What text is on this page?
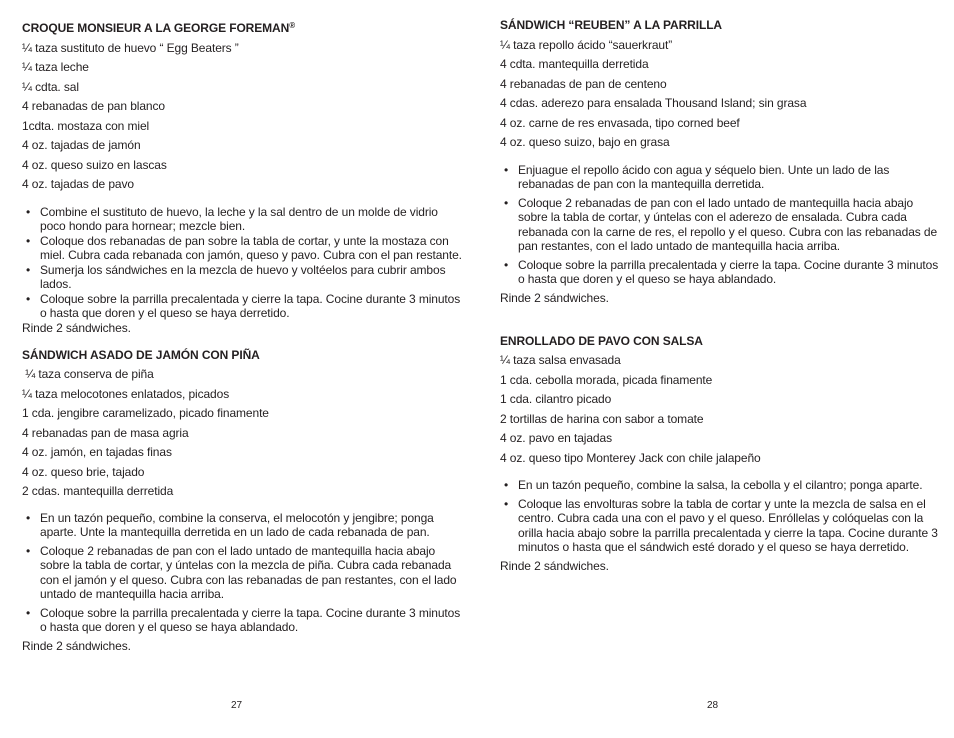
CROQUE MONSIEUR A LA GEORGE FOREMAN®
¼ taza sustituto de huevo “ Egg Beaters ”
¼ taza leche
¼ cdta. sal
4 rebanadas de pan blanco
1cdta. mostaza con miel
4 oz. tajadas de jamón
4 oz. queso suizo en lascas
4 oz. tajadas de pavo
• Combine el sustituto de huevo, la leche y la sal dentro de un molde de vidrio poco hondo para hornear; mezcle bien.
• Coloque dos rebanadas de pan sobre la tabla de cortar, y unte la mostaza con miel. Cubra cada rebanada con jamón, queso y pavo. Cubra con el pan restante.
• Sumerja los sándwiches en la mezcla de huevo y voltéelos para cubrir ambos lados.
• Coloque sobre la parrilla precalentada y cierre la tapa. Cocine durante 3 minutos o hasta que doren y el queso se haya derretido.
Rinde 2 sándwiches.
SÁNDWICH ASADO DE JAMÓN CON PIÑA
¼ taza conserva de piña
¼ taza melocotones enlatados, picados
1 cda. jengibre caramelizado, picado finamente
4 rebanadas pan de masa agria
4 oz. jamón, en tajadas finas
4 oz. queso brie, tajado
2 cdas. mantequilla derretida
• En un tazón pequeño, combine la conserva, el melocotón y jengibre; ponga aparte. Unte la mantequilla derretida en un lado de cada rebanada de pan.
• Coloque 2 rebanadas de pan con el lado untado de mantequilla hacia abajo sobre la tabla de cortar, y úntelas con la mezcla de piña. Cubra cada rebanada con el jamón y el queso. Cubra con las rebanadas de pan restantes, con el lado untado de mantequilla hacia arriba.
• Coloque sobre la parrilla precalentada y cierre la tapa. Cocine durante 3 minutos o hasta que doren y el queso se haya ablandado.
Rinde 2 sándwiches.
27
SÁNDWICH “REUBEN” A LA PARRILLA
¼ taza repollo ácido “sauerkraut”
4 cdta. mantequilla derretida
4 rebanadas de pan de centeno
4 cdas. aderezo para ensalada Thousand Island; sin grasa
4 oz. carne de res envasada, tipo corned beef
4 oz. queso suizo, bajo en grasa
• Enjuague el repollo ácido con agua y séquelo bien. Unte un lado de las rebanadas de pan con la mantequilla derretida.
• Coloque 2 rebanadas de pan con el lado untado de mantequilla hacia abajo sobre la tabla de cortar, y úntelas con el aderezo de ensalada. Cubra cada rebanada con la carne de res, el repollo y el queso. Cubra con las rebanadas de pan restantes, con el lado untado de mantequilla hacia arriba.
• Coloque sobre la parrilla precalentada y cierre la tapa. Cocine durante 3 minutos o hasta que doren y el queso se haya ablandado.
Rinde 2 sándwiches.
ENROLLADO DE PAVO CON SALSA
¼ taza salsa envasada
1 cda. cebolla morada, picada finamente
1 cda. cilantro picado
2 tortillas de harina con sabor a tomate
4 oz. pavo en tajadas
4 oz. queso tipo Monterey Jack con chile jalapeño
• En un tazón pequeño, combine la salsa, la cebolla y el cilantro; ponga aparte.
• Coloque las envolturas sobre la tabla de cortar y unte la mezcla de salsa en el centro. Cubra cada una con el pavo y el queso. Enróllelas y colóquelas con la orilla hacia abajo sobre la parrilla precalentada y cierre la tapa. Cocine durante 3 minutos o hasta que el sándwich esté dorado y el queso se haya derretido.
Rinde 2 sándwiches.
28
